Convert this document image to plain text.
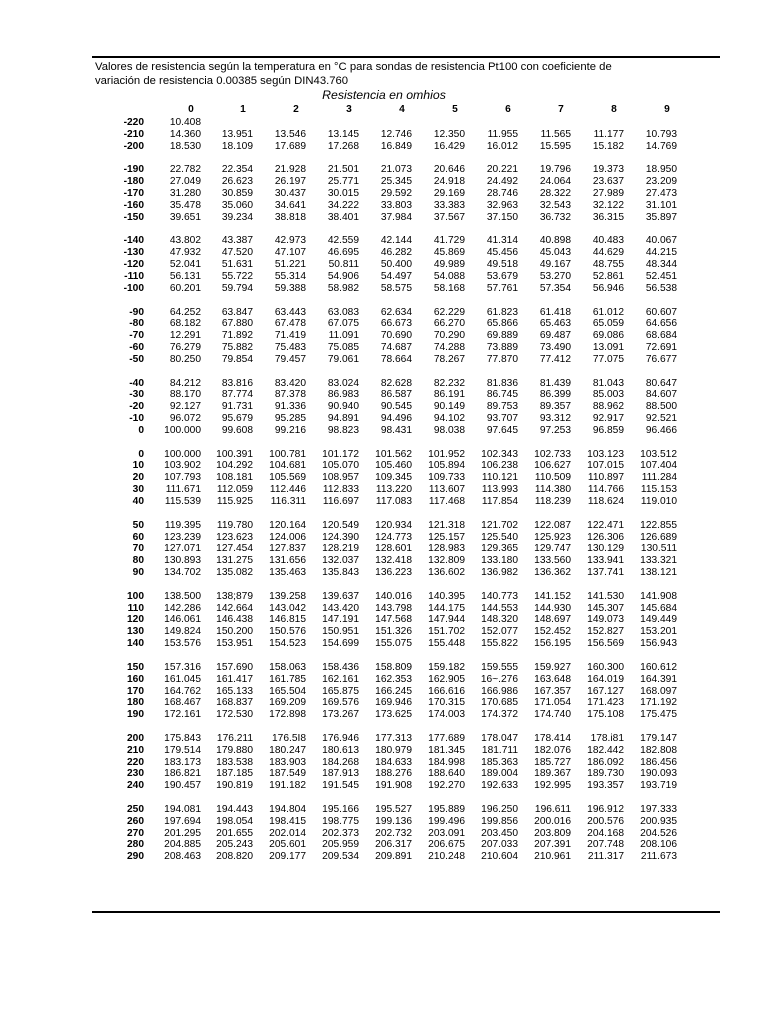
Valores de resistencia según la temperatura en °C para sondas de resistencia Pt100 con coeficiente de
variación de resistencia 0.00385 según DIN43.760
Resistencia en omhios
0	1	2	3	4	5	6	7	8	9
-220	10.408
-210	14.360	13.951	13.546	13.145	12.746	12.350	11.955	11.565	11.177	10.793
-200	18.530	18.109	17.689	17.268	16.849	16.429	16.012	15.595	15.182	14.769
-190	22.782	22.354	21.928	21.501	21.073	20.646	20.221	19.796	19.373	18.950
-180	27.049	26.623	26.197	25.771	25.345	24.918	24.492	24.064	23.637	23.209
-170	31.280	30.859	30.437	30.015	29.592	29.169	28.746	28.322	27.989	27.473
-160	35.478	35.060	34.641	34.222	33.803	33.383	32.963	32.543	32.122	31.101
-150	39.651	39.234	38.818	38.401	37.984	37.567	37.150	36.732	36.315	35.897
-140	43.802	43.387	42.973	42.559	42.144	41.729	41.314	40.898	40.483	40.067
-130	47.932	47.520	47.107	46.695	46.282	45.869	45.456	45.043	44.629	44.215
-120	52.041	51.631	51.221	50.811	50.400	49.989	49.518	49.167	48.755	48.344
-110	56.131	55.722	55.314	54.906	54.497	54.088	53.679	53.270	52.861	52.451
-100	60.201	59.794	59.388	58.982	58.575	58.168	57.761	57.354	56.946	56.538
-90	64.252	63.847	63.443	63.083	62.634	62.229	61.823	61.418	61.012	60.607
-80	68.182	67.880	67.478	67.075	66.673	66.270	65.866	65.463	65.059	64.656
-70	12.291	71.892	71.419	11.091	70.690	70.290	69.889	69.487	69.086	68.684
-60	76.279	75.882	75.483	75.085	74.687	74.288	73.889	73.490	13.091	72.691
-50	80.250	79.854	79.457	79.061	78.664	78.267	77.870	77.412	77.075	76.677
-40	84.212	83.816	83.420	83.024	82.628	82.232	81.836	81.439	81.043	80.647
-30	88.170	87.774	87.378	86.983	86.587	86.191	86.745	86.399	85.003	84.607
-20	92.127	91.731	91.336	90.940	90.545	90.149	89.753	89.357	88.962	88.500
-10	96.072	95.679	95.285	94.891	94.496	94.102	93.707	93.312	92.917	92.521
0	100.000	99.608	99.216	98.823	98.431	98.038	97.645	97.253	96.859	96.466
0	100.000	100.391	100.781	101.172	101.562	101.952	102.343	102.733	103.123	103.512
10	103.902	104.292	104.681	105.070	105.460	105.894	106.238	106.627	107.015	107.404
20	107.793	108.181	105.569	108.957	109.345	109.733	110.121	110.509	110.897	111.284
30	111.671	112.059	112.446	112.833	113.220	113.607	113.993	114.380	114.766	115.153
40	115.539	115.925	116.311	116.697	117.083	117.468	117.854	118.239	118.624	119.010
50	119.395	119.780	120.164	120.549	120.934	121.318	121.702	122.087	122.471	122.855
60	123.239	123.623	124.006	124.390	124.773	125.157	125.540	125.923	126.306	126.689
70	127.071	127.454	127.837	128.219	128.601	128.983	129.365	129.747	130.129	130.511
80	130.893	131.275	131.656	132.037	132.418	132.809	133.180	133.560	133.941	133.321
90	134.702	135.082	135.463	135.843	136.223	136.602	136.982	136.362	137.741	138.121
100	138.500	138;879	139.258	139.637	140.016	140.395	140.773	141.152	141.530	141.908
110	142.286	142.664	143.042	143.420	143.798	144.175	144.553	144.930	145.307	145.684
120	146.061	146.438	146.815	147.191	147.568	147.944	148.320	148.697	149.073	149.449
130	149.824	150.200	150.576	150.951	151.326	151.702	152.077	152.452	152.827	153.201
140	153.576	153.951	154.523	154.699	155.075	155.448	155.822	156.195	156.569	156.943
150	157.316	157.690	158.063	158.436	158.809	159.182	159.555	159.927	160.300	160.612
160	161.045	161.417	161.785	162.161	162.353	162.905	16~.276	163.648	164.019	164.391
170	164.762	165.133	165.504	165.875	166.245	166.616	166.986	167.357	167.127	168.097
180	168.467	168.837	169.209	169.576	169.946	170.315	170.685	171.054	171.423	171.192
190	172.161	172.530	172.898	173.267	173.625	174.003	174.372	174.740	175.108	175.475
200	175.843	176.211	176.5I8	176.946	177.313	177.689	178.047	178.414	178.i81	179.147
210	179.514	179.880	180.247	180.613	180.979	181.345	181.711	182.076	182.442	182.808
220	183.173	183.538	183.903	184.268	184.633	184.998	185.363	185.727	186.092	186.456
230	186.821	187.185	187.549	187.913	188.276	188.640	189.004	189.367	189.730	190.093
240	190.457	190.819	191.182	191.545	191.908	192.270	192.633	192.995	193.357	193.719
250	194.081	194.443	194.804	195.166	195.527	195.889	196.250	196.611	196.912	197.333
260	197.694	198.054	198.415	198.775	199.136	199.496	199.856	200.016	200.576	200.935
270	201.295	201.655	202.014	202.373	202.732	203.091	203.450	203.809	204.168	204.526
280	204.885	205.243	205.601	205.959	206.317	206.675	207.033	207.391	207.748	208.106
290	208.463	208.820	209.177	209.534	209.891	210.248	210.604	210.961	211.317	211.673
